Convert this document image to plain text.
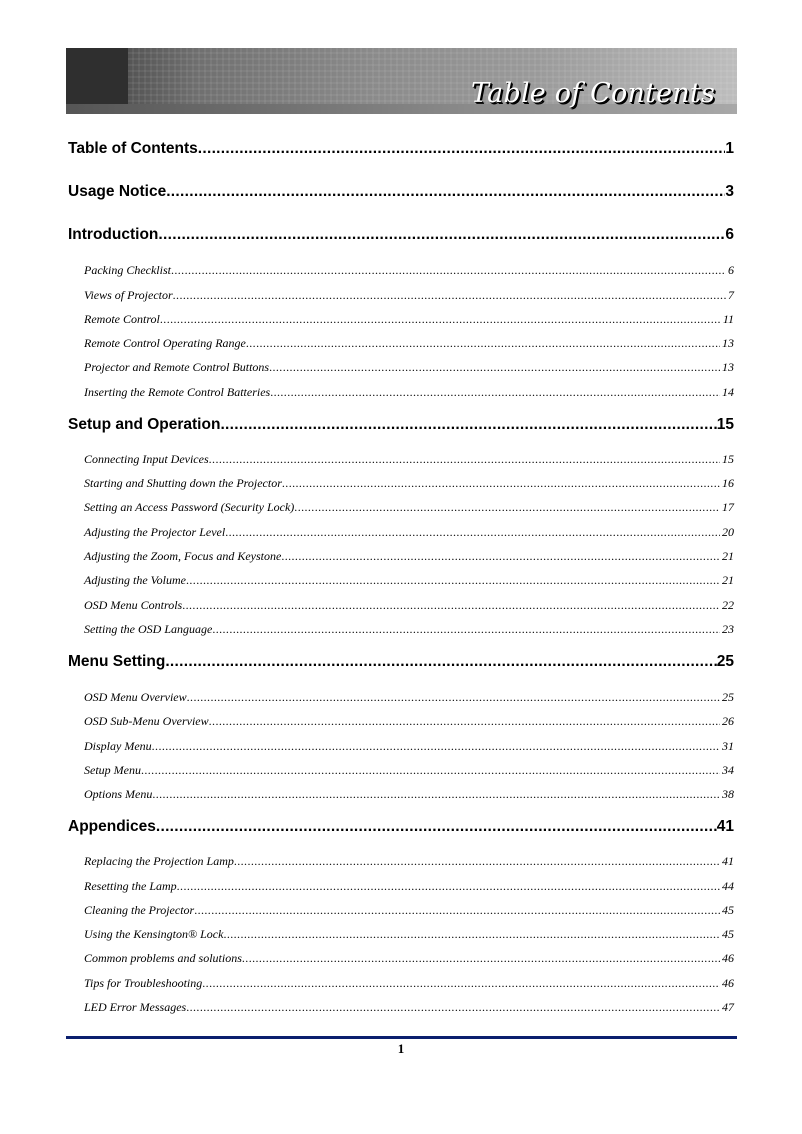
Table of Contents
Table of Contents .....	1
Usage Notice .....	3
Introduction .....	6
Packing Checklist .....	6
Views of Projector .....	7
Remote Control .....	11
Remote Control Operating Range .....	13
Projector and Remote Control Buttons .....	13
Inserting the Remote Control Batteries .....	14
Setup and Operation .....	15
Connecting Input Devices .....	15
Starting and Shutting down the Projector .....	16
Setting an Access Password (Security Lock) .....	17
Adjusting the Projector Level .....	20
Adjusting the Zoom, Focus and Keystone .....	21
Adjusting the Volume .....	21
OSD Menu Controls .....	22
Setting the OSD Language .....	23
Menu Setting .....	25
OSD Menu Overview .....	25
OSD Sub-Menu Overview .....	26
Display Menu .....	31
Setup Menu .....	34
Options Menu .....	38
Appendices .....	41
Replacing the Projection Lamp .....	41
Resetting the Lamp .....	44
Cleaning the Projector .....	45
Using the Kensington® Lock .....	45
Common problems and solutions .....	46
Tips for Troubleshooting .....	46
LED Error Messages .....	47
1
